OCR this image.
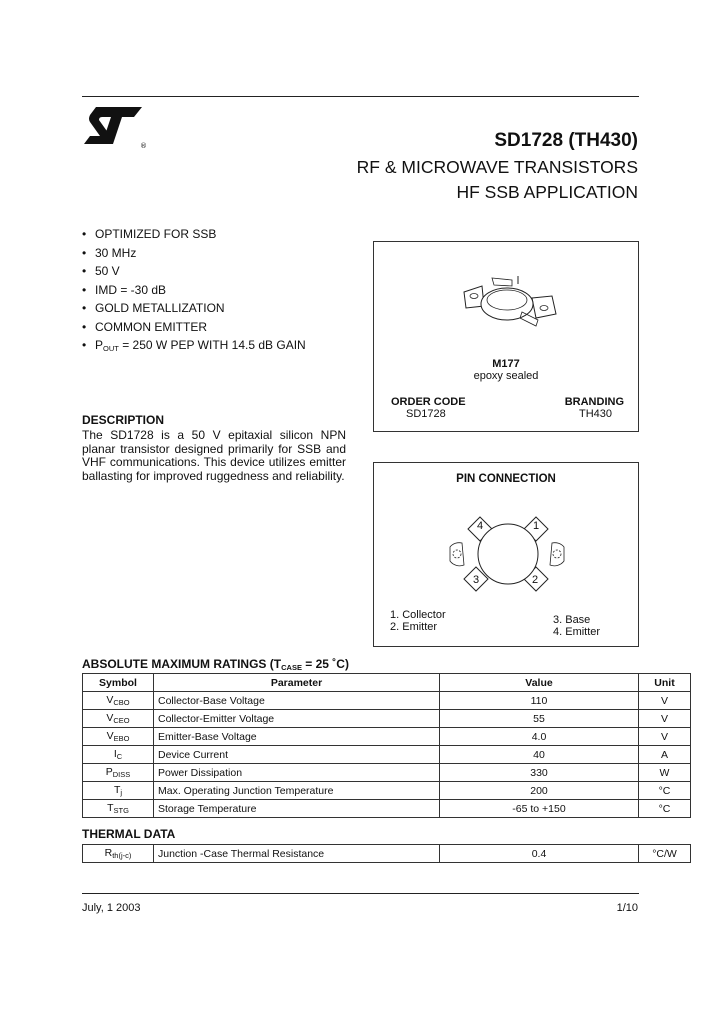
®	SD1728 (TH430)
RF & MICROWAVE TRANSISTORS
HF SSB APPLICATION
• OPTIMIZED FOR SSB
• 30 MHz
• 50 V
• IMD = -30 dB
• GOLD METALLIZATION
• COMMON EMITTER
• $P_{OUT} = 250$ W PEP WITH 14.5 dB GAIN
M177
epoxy sealed
ORDER CODE
SD1728
BRANDING
TH430
DESCRIPTION
The SD1728 is a 50 V epitaxial silicon NPN planar transistor designed primarily for SSB and VHF communications. This device utilizes emitter ballasting for improved ruggedness and reliability.	PIN CONNECTION
4	1
3	2
1. Collector
2. Emitter
3. Base
4. Emitter
ABSOLUTE MAXIMUM RATINGS ($T_{CASE} = 25$ ˚C)
Symbol	Parameter	Value	Unit
$V_{CBO}$	Collector-Base Voltage	110	V
$V_{CEO}$	Collector-Emitter Voltage	55	V
$V_{EBO}$	Emitter-Base Voltage	4.0	V
$I_C$	Device Current	40	A
$P_{DISS}$	Power Dissipation	330	W
$T_j$	Max. Operating Junction Temperature	200	°C
$T_{STG}$	Storage Temperature	-65 to +150	°C
THERMAL DATA
$R_{th(j-c)}$	Junction -Case Thermal Resistance	0.4	°C/W
July, 1 2003	1/10
